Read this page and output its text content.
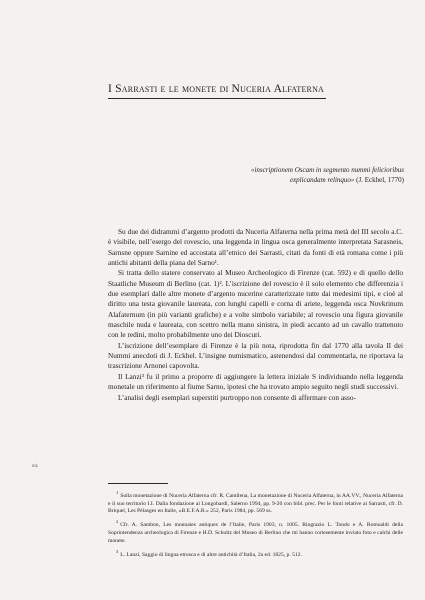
I Sarrasti e le monete di Nuceria Alfaterna
«inscriptionem Oscam in segmento nummi felicioribus
explicandam relinquo» (J. Eckhel, 1770)

Su due dei didrammi d’argento prodotti da Nuceria Alfaterna nella prima metà del III secolo a.C. è visibile, nell’esergo del rovescio, una leggenda in lingua osca generalmente interpretata Sarasneis, Sarnsne oppure Sarnine ed accostata all’etnico dei Sarrasti, citati da fonti di età romana come i più antichi abitanti della piana del Sarno¹.

Si tratta dello statere conservato al Museo Archeologico di Firenze (cat. 592) e di quello dello Staatliche Museum di Berlino (cat. 1)². L’iscrizione del rovescio è il solo elemento che differenzia i due esemplari dalle altre monete d’argento nucerine caratterizzate tutte dai medesimi tipi, e cioè al diritto una testa giovanile laureata, con lunghi capelli e corna di ariete, leggenda osca Nuvkrinum Alafaternum (in più varianti grafiche) e a volte simbolo variabile; al rovescio una figura giovanile maschile nuda e laureata, con scettro nella mano sinistra, in piedi accanto ad un cavallo trattenuto con le redini, molto probabilmente uno dei Dioscuri.

L’iscrizione dell’esemplare di Firenze è la più nota, riprodotta fin dal 1770 alla tavola II dei Nummi anecdoti di J. Eckhel. L’insigne numismatico, astenendosi dal commentarla, ne riportava la trascrizione Arnonei capovolta.

Il Lanzi³ fu il primo a proporre di aggiungere la lettera iniziale S individuando nella leggenda monetale un riferimento al fiume Sarno, ipotesi che ha trovato ampio seguito negli studi successivi.

L’analisi degli esemplari superstiti purtroppo non consente di affermare con asso-

s/a

$^1$Sulla monetazione di Nuceria Alfaterna cfr. R. Cantilena, La monetazione di Nuceria Alfaterna, in AA.VV., Nuceria Alfaterna e il suo territorio I.I. Dalla fondazione ai Longobardi, Salerno 1994, pp. 9-20 con bibl. prec. Per le fonti relative ai Sarrasti, cfr. D. Briquel, Les Pélasges en Italie, «B.E.F.A.R.» 252, Paris 1984, pp. 569 ss.

$^2$Cfr. A. Sambon, Les monnaies antiques de l’Italie, Paris 1903, n. 1005. Ringrazio L. Tondo e A. Romualdi della Soprintendenza archeologica di Firenze e H.D. Schultz del Museo di Berlino che mi hanno cortesemente inviato foto e calchi delle monete.

$^3$L. Lanzi, Saggio di lingua etrusca e di altre antichità d’Italia, 2a ed. 1825, p. 512.
